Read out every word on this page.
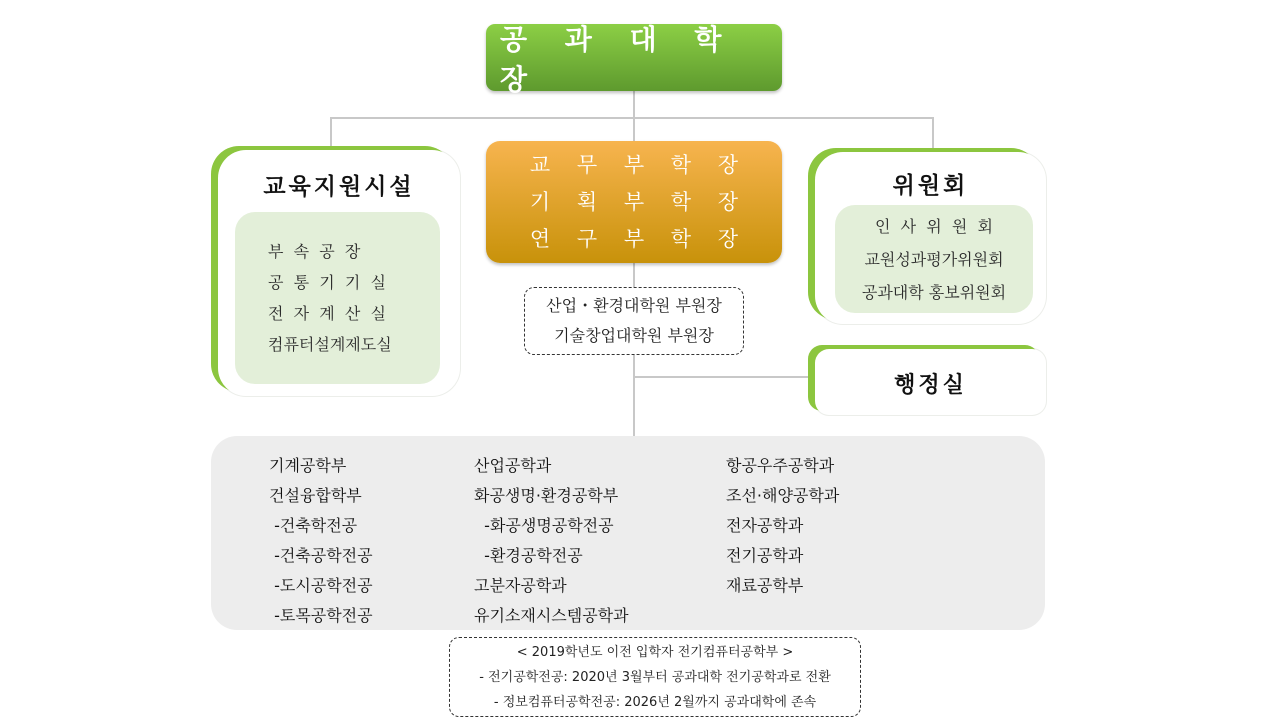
공 과 대 학 장
교 무 부 학 장
기 획 부 학 장
연 구 부 학 장
산업・환경대학원 부원장
기술창업대학원 부원장
교육지원시설
부  속  공  장
공  통  기  기  실
전  자  계  산  실
컴퓨터설계제도실
위원회
인  사  위  원  회
교원성과평가위원회
공과대학 홍보위원회
행정실
기계공학부
건설융합학부
-건축학전공
-건축공학전공
-도시공학전공
-토목공학전공
산업공학과
화공생명·환경공학부
-화공생명공학전공
-환경공학전공
고분자공학과
유기소재시스템공학과
항공우주공학과
조선·해양공학과
전자공학과
전기공학과
재료공학부
< 2019학년도 이전 입학자 전기컴퓨터공학부 >
- 전기공학전공: 2020년 3월부터 공과대학 전기공학과로 전환
- 정보컴퓨터공학전공: 2026년 2월까지 공과대학에 존속
